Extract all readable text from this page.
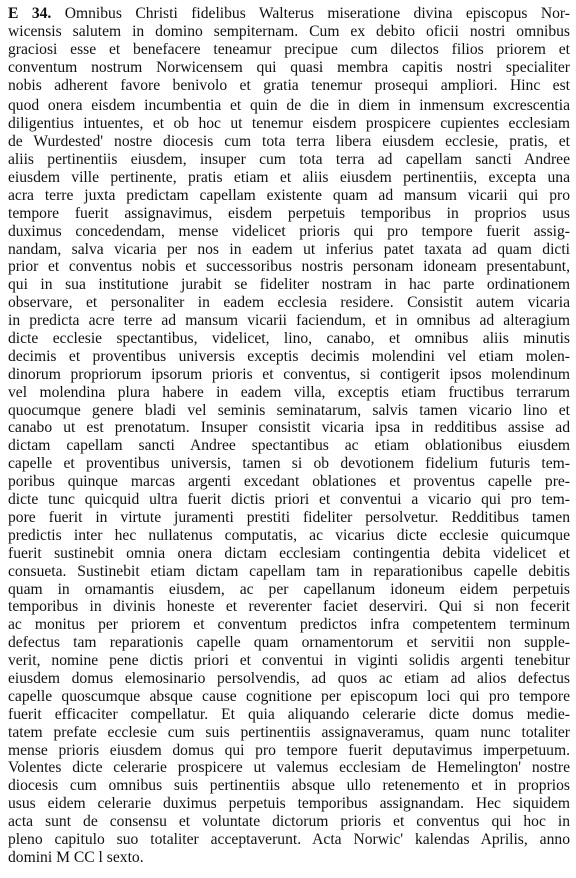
E 34. Omnibus Christi fidelibus Walterus miseratione divina episcopus Nor-
wicensis salutem in domino sempiternam. Cum ex debito oficii nostri omnibus
graciosi esse et benefacere teneamur precipue cum dilectos filios priorem et
conventum nostrum Norwicensem qui quasi membra capitis nostri specialiter
nobis adherent favore benivolo et gratia tenemur prosequi ampliori. Hinc est
quod onera eisdem incumbentia et quin de die in diem in inmensum excrescentia
diligentius intuentes, et ob hoc ut tenemur eisdem prospicere cupientes ecclesiam
de Wurdested' nostre diocesis cum tota terra libera eiusdem ecclesie, pratis, et
aliis pertinentiis eiusdem, insuper cum tota terra ad capellam sancti Andree
eiusdem ville pertinente, pratis etiam et aliis eiusdem pertinentiis, excepta una
acra terre juxta predictam capellam existente quam ad mansum vicarii qui pro
tempore fuerit assignavimus, eisdem perpetuis temporibus in proprios usus
duximus concedendam, mense videlicet prioris qui pro tempore fuerit assig-
nandam, salva vicaria per nos in eadem ut inferius patet taxata ad quam dicti
prior et conventus nobis et successoribus nostris personam idoneam presentabunt,
qui in sua institutione jurabit se fideliter nostram in hac parte ordinationem
observare, et personaliter in eadem ecclesia residere. Consistit autem vicaria
in predicta acre terre ad mansum vicarii faciendum, et in omnibus ad alteragium
dicte ecclesie spectantibus, videlicet, lino, canabo, et omnibus aliis minutis
decimis et proventibus universis exceptis decimis molendini vel etiam molen-
dinorum propriorum ipsorum prioris et conventus, si contigerit ipsos molendinum
vel molendina plura habere in eadem villa, exceptis etiam fructibus terrarum
quocumque genere bladi vel seminis seminatarum, salvis tamen vicario lino et
canabo ut est prenotatum. Insuper consistit vicaria ipsa in redditibus assise ad
dictam capellam sancti Andree spectantibus ac etiam oblationibus eiusdem
capelle et proventibus universis, tamen si ob devotionem fidelium futuris tem-
poribus quinque marcas argenti excedant oblationes et proventus capelle pre-
dicte tunc quicquid ultra fuerit dictis priori et conventui a vicario qui pro tem-
pore fuerit in virtute juramenti prestiti fideliter persolvetur. Redditibus tamen
predictis inter hec nullatenus computatis, ac vicarius dicte ecclesie quicumque
fuerit sustinebit omnia onera dictam ecclesiam contingentia debita videlicet et
consueta. Sustinebit etiam dictam capellam tam in reparationibus capelle debitis
quam in ornamantis eiusdem, ac per capellanum idoneum eidem perpetuis
temporibus in divinis honeste et reverenter faciet deserviri. Qui si non fecerit
ac monitus per priorem et conventum predictos infra competentem terminum
defectus tam reparationis capelle quam ornamentorum et servitii non supple-
verit, nomine pene dictis priori et conventui in viginti solidis argenti tenebitur
eiusdem domus elemosinario persolvendis, ad quos ac etiam ad alios defectus
capelle quoscumque absque cause cognitione per episcopum loci qui pro tempore
fuerit efficaciter compellatur. Et quia aliquando celerarie dicte domus medie-
tatem prefate ecclesie cum suis pertinentiis assignaveramus, quam nunc totaliter
mense prioris eiusdem domus qui pro tempore fuerit deputavimus imperpetuum.
Volentes dicte celerarie prospicere ut valemus ecclesiam de Hemelington' nostre
diocesis cum omnibus suis pertinentiis absque ullo retenemento et in proprios
usus eidem celerarie duximus perpetuis temporibus assignandam. Hec siquidem
acta sunt de consensu et voluntate dictorum prioris et conventus qui hoc in
pleno capitulo suo totaliter acceptaverunt. Acta Norwic' kalendas Aprilis, anno
domini M CC l sexto.
